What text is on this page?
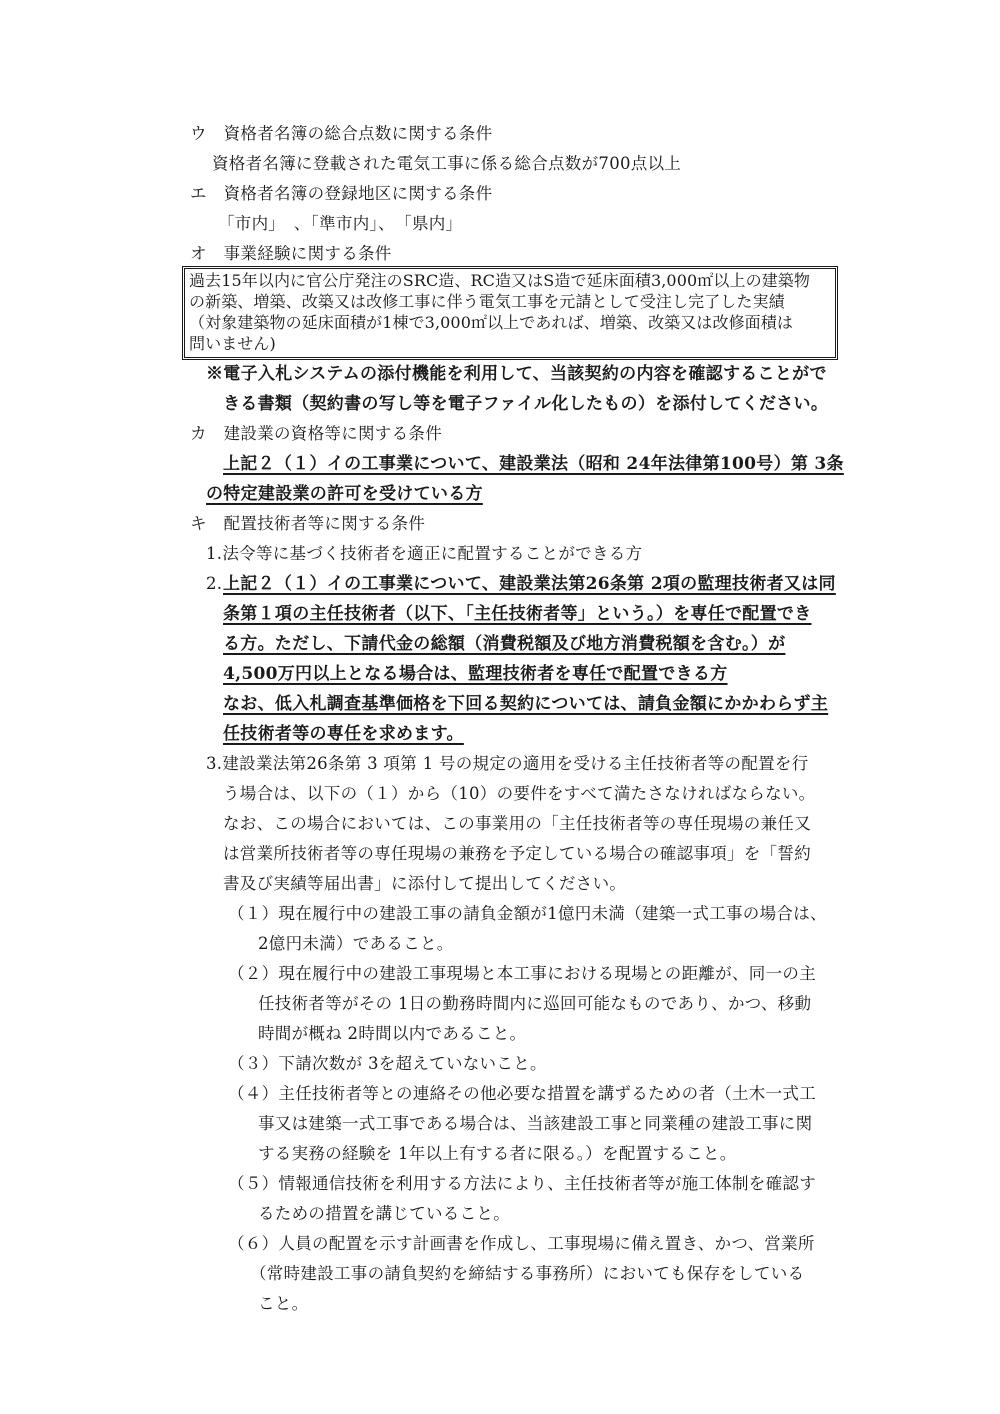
ウ　資格者名簿の総合点数に関する条件
資格者名簿に登載された電気工事に係る総合点数が700点以上
エ　資格者名簿の登録地区に関する条件
「市内」　、「準市内」、　「県内」
オ　事業経験に関する条件
過去15年以内に官公庁発注のSRC造、RC造又はS造で延床面積3,000㎡以上の建築物
の新築、増築、改築又は改修工事に伴う電気工事を元請として受注し完了した実績
（対象建築物の延床面積が1棟で3,000㎡以上であれば、増築、改築又は改修面積は
問いません)
※電子入札システムの添付機能を利用して、当該契約の内容を確認することがで
きる書類（契約書の写し等を電子ファイル化したもの）を添付してください。
カ　建設業の資格等に関する条件
上記２（１）イの工事業について、建設業法（昭和 24年法律第100号）第 3条
の特定建設業の許可を受けている方
キ　配置技術者等に関する条件
1.法令等に基づく技術者を適正に配置することができる方
2. 上記２（１）イの工事業について、建設業法第26条第 2項の監理技術者又は同
条第１項の主任技術者（以下、「主任技術者等」という。）を専任で配置でき
る方。ただし、下請代金の総額（消費税額及び地方消費税額を含む。）が
4,500万円以上となる場合は、監理技術者を専任で配置できる方
なお、低入札調査基準価格を下回る契約については、請負金額にかかわらず主
任技術者等の専任を求めます。
3.建設業法第26条第 3 項第 1 号の規定の適用を受ける主任技術者等の配置を行
う場合は、以下の（１）から（10）の要件をすべて満たさなければならない。
なお、この場合においては、この事業用の「主任技術者等の専任現場の兼任又
は営業所技術者等の専任現場の兼務を予定している場合の確認事項」を「誓約
書及び実績等届出書」に添付して提出してください。
（１）現在履行中の建設工事の請負金額が1億円未満（建築一式工事の場合は、
2億円未満）であること。
（２）現在履行中の建設工事現場と本工事における現場との距離が、同一の主
任技術者等がその 1日の勤務時間内に巡回可能なものであり、かつ、移動
時間が概ね 2時間以内であること。
（３）下請次数が 3を超えていないこと。
（４）主任技術者等との連絡その他必要な措置を講ずるための者（土木一式工
事又は建築一式工事である場合は、当該建設工事と同業種の建設工事に関
する実務の経験を 1年以上有する者に限る。）を配置すること。
（５）情報通信技術を利用する方法により、主任技術者等が施工体制を確認す
るための措置を講じていること。
（６）人員の配置を示す計画書を作成し、工事現場に備え置き、かつ、営業所
（常時建設工事の請負契約を締結する事務所）においても保存をしている
こと。
